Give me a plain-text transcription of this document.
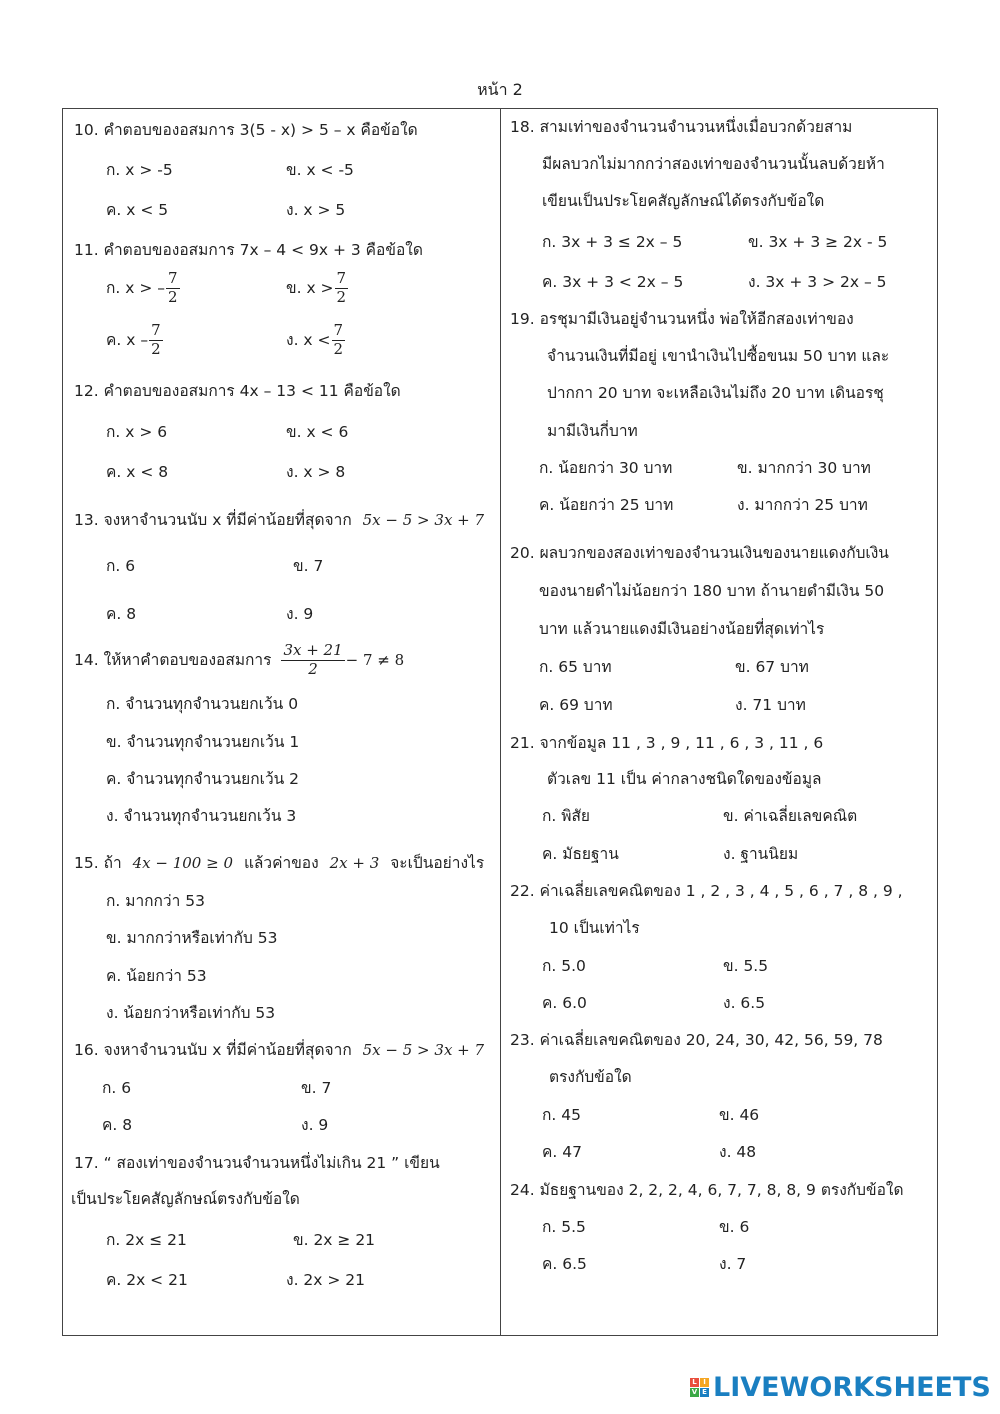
หน้า 2
10. คำตอบของอสมการ 3(5 - x) > 5 – x คือข้อใด
ก. x > -5	ข. x < -5
ค. x < 5	ง. x > 5
11. คำตอบของอสมการ 7x – 4 < 9x + 3 คือข้อใด
ก. x > – $\frac{7}{2}$	ข. $x > \frac{7}{2}$
ค. x – $\frac{7}{2}$	ง. $x < \frac{7}{2}$
12. คำตอบของอสมการ 4x – 13 < 11 คือข้อใด
ก. x > 6	ข. x < 6
ค. x < 8	ง. x > 8
13. จงหาจำนวนนับ x ที่มีค่าน้อยที่สุดจาก 5x − 5 > 3x + 7
ก. 6	ข. 7
ค. 8	ง. 9
14. ให้หาคำตอบของอสมการ $\frac{3x + 21}{2} - 7 \ne 8$
ก. จำนวนทุกจำนวนยกเว้น 0
ข. จำนวนทุกจำนวนยกเว้น 1
ค. จำนวนทุกจำนวนยกเว้น 2
ง. จำนวนทุกจำนวนยกเว้น 3
15. ถ้า 4x − 100 ≥ 0 แล้วค่าของ 2x + 3 จะเป็นอย่างไร
ก. มากกว่า 53
ข. มากกว่าหรือเท่ากับ 53
ค. น้อยกว่า 53
ง. น้อยกว่าหรือเท่ากับ 53
16. จงหาจำนวนนับ x ที่มีค่าน้อยที่สุดจาก 5x − 5 > 3x + 7
ก. 6	ข. 7
ค. 8	ง. 9
17. “ สองเท่าของจำนวนจำนวนหนึ่งไม่เกิน 21 ” เขียน
เป็นประโยคสัญลักษณ์ตรงกับข้อใด
ก. 2x ≤ 21	ข. 2x ≥ 21
ค. 2x < 21	ง. 2x > 21
18. สามเท่าของจำนวนจำนวนหนึ่งเมื่อบวกด้วยสาม
มีผลบวกไม่มากกว่าสองเท่าของจำนวนนั้นลบด้วยห้า
เขียนเป็นประโยคสัญลักษณ์ได้ตรงกับข้อใด
ก. 3x + 3 ≤ 2x – 5	ข. 3x + 3 ≥ 2x - 5
ค. 3x + 3 < 2x – 5	ง. 3x + 3 > 2x – 5
19. อรชุมามีเงินอยู่จำนวนหนึ่ง พ่อให้อีกสองเท่าของ
จำนวนเงินที่มีอยู่ เขานำเงินไปซื้อขนม 50 บาท และ
ปากกา 20 บาท จะเหลือเงินไม่ถึง 20 บาท เดินอรชุ
มามีเงินกี่บาท
ก. น้อยกว่า 30 บาท	ข. มากกว่า 30 บาท
ค. น้อยกว่า 25 บาท	ง. มากกว่า 25 บาท
20. ผลบวกของสองเท่าของจำนวนเงินของนายแดงกับเงิน
ของนายดำไม่น้อยกว่า 180 บาท ถ้านายดำมีเงิน 50
บาท แล้วนายแดงมีเงินอย่างน้อยที่สุดเท่าไร
ก. 65 บาท	ข. 67 บาท
ค. 69 บาท	ง. 71 บาท
21. จากข้อมูล 11 , 3 , 9 , 11 , 6 , 3 , 11 , 6
ตัวเลข 11 เป็น ค่ากลางชนิดใดของข้อมูล
ก. พิสัย	ข. ค่าเฉลี่ยเลขคณิต
ค. มัธยฐาน	ง. ฐานนิยม
22. ค่าเฉลี่ยเลขคณิตของ 1 , 2 , 3 , 4 , 5 , 6 , 7 , 8 , 9 ,
10 เป็นเท่าไร
ก. 5.0	ข. 5.5
ค. 6.0	ง. 6.5
23. ค่าเฉลี่ยเลขคณิตของ 20, 24, 30, 42, 56, 59, 78
ตรงกับข้อใด
ก. 45	ข. 46
ค. 47	ง. 48
24. มัธยฐานของ 2, 2, 2, 4, 6, 7, 7, 8, 8, 9 ตรงกับข้อใด
ก. 5.5	ข. 6
ค. 6.5	ง. 7
L I
V E LIVEWORKSHEETS
